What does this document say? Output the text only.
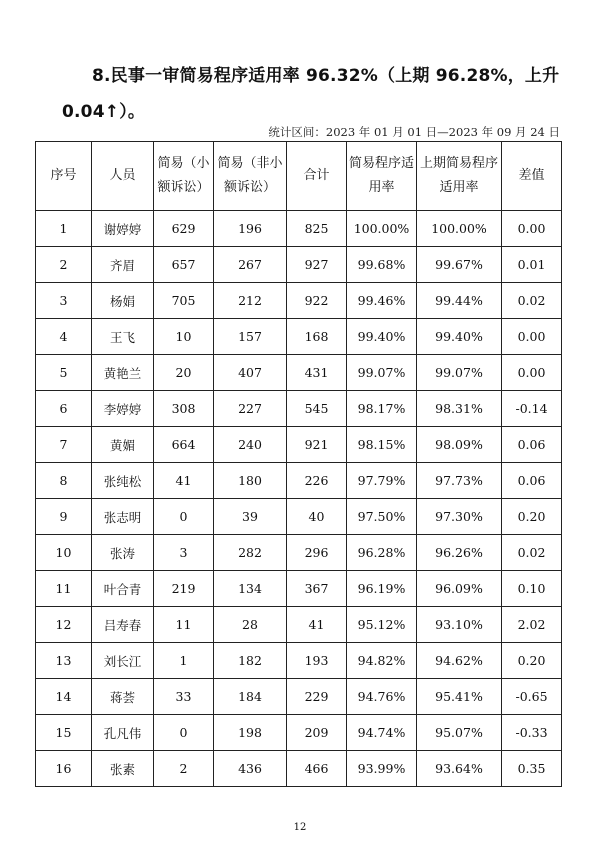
8.民事一审简易程序适用率 96.32%（上期 96.28%，上升 0.04↑）。
统计区间：2023 年 01 月 01 日—2023 年 09 月 24 日
序号	人员	简易（小额诉讼）	简易（非小额诉讼）	合计	简易程序适用率	上期简易程序适用率	差值
1	谢婷婷	629	196	825	100.00%	100.00%	0.00
2	齐眉	657	267	927	99.68%	99.67%	0.01
3	杨娟	705	212	922	99.46%	99.44%	0.02
4	王飞	10	157	168	99.40%	99.40%	0.00
5	黄艳兰	20	407	431	99.07%	99.07%	0.00
6	李婷婷	308	227	545	98.17%	98.31%	-0.14
7	黄媚	664	240	921	98.15%	98.09%	0.06
8	张纯松	41	180	226	97.79%	97.73%	0.06
9	张志明	0	39	40	97.50%	97.30%	0.20
10	张涛	3	282	296	96.28%	96.26%	0.02
11	叶合青	219	134	367	96.19%	96.09%	0.10
12	吕寿春	11	28	41	95.12%	93.10%	2.02
13	刘长江	1	182	193	94.82%	94.62%	0.20
14	蒋荟	33	184	229	94.76%	95.41%	-0.65
15	孔凡伟	0	198	209	94.74%	95.07%	-0.33
16	张素	2	436	466	93.99%	93.64%	0.35
12
